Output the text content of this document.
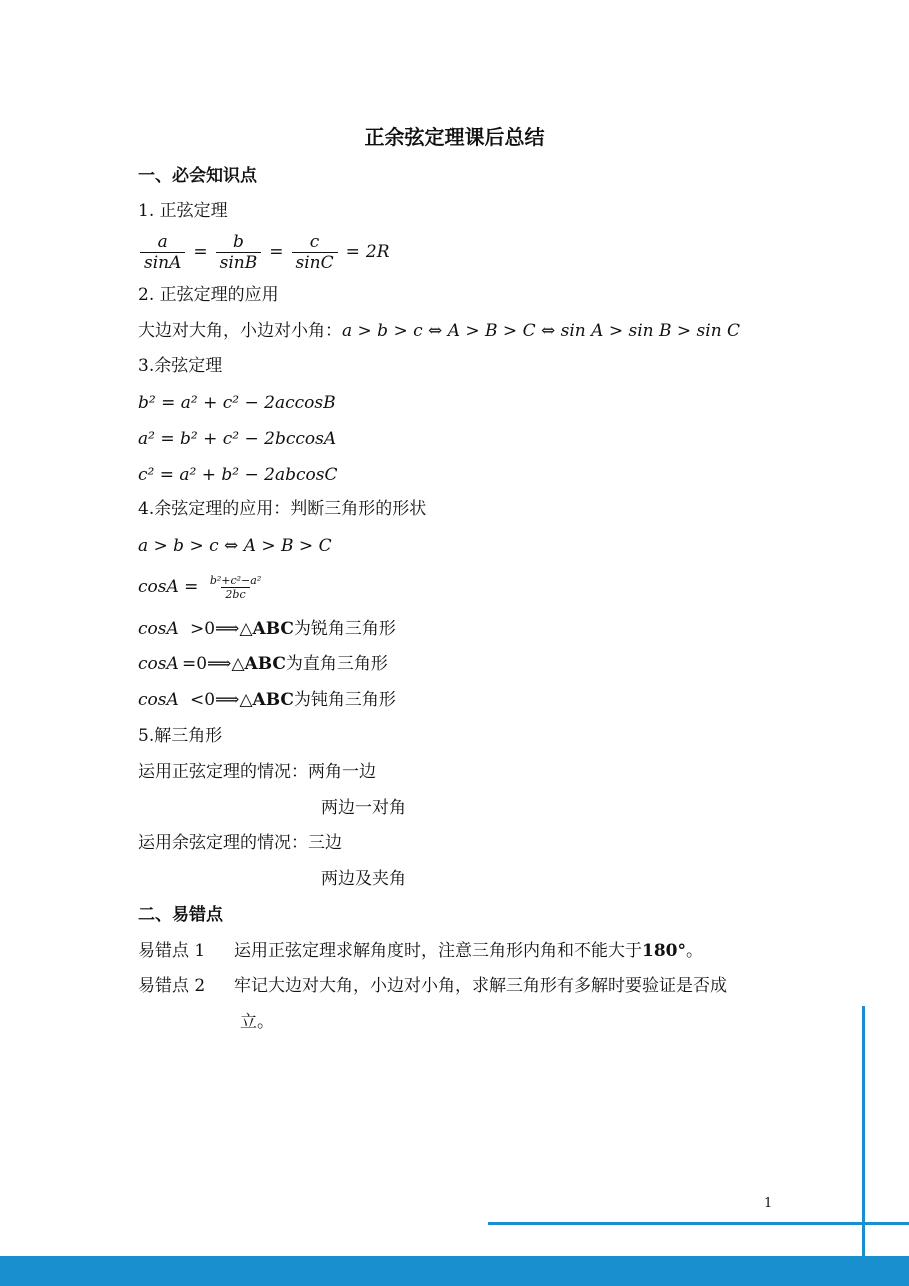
正余弦定理课后总结
一、必会知识点
1. 正弦定理
$\frac{a}{\sin A} = \frac{b}{\sin B} = \frac{c}{\sin C} = 2R$
2. 正弦定理的应用
大边对大角，小边对小角：a > b > c ⇔ A > B > C ⇔ sin A > sin B > sin C
3.余弦定理
b² = a² + c² − 2accosB
a² = b² + c² − 2bccosA
c² = a² + b² − 2abcosC
4.余弦定理的应用：判断三角形的形状
a > b > c ⇔ A > B > C
$\cos A = \frac{\text{b²+c²−a²}}{2bc}$
cosA >0⟹△ABC为锐角三角形
cosA =0⟹△ABC为直角三角形
cosA <0⟹△ABC为钝角三角形
5.解三角形
运用正弦定理的情况：两角一边
两边一对角
运用余弦定理的情况：三边
两边及夹角
二、易错点
易错点 1 运用正弦定理求解角度时，注意三角形内角和不能大于180°。
易错点 2 牢记大边对大角，小边对小角，求解三角形有多解时要验证是否成
立。
1
